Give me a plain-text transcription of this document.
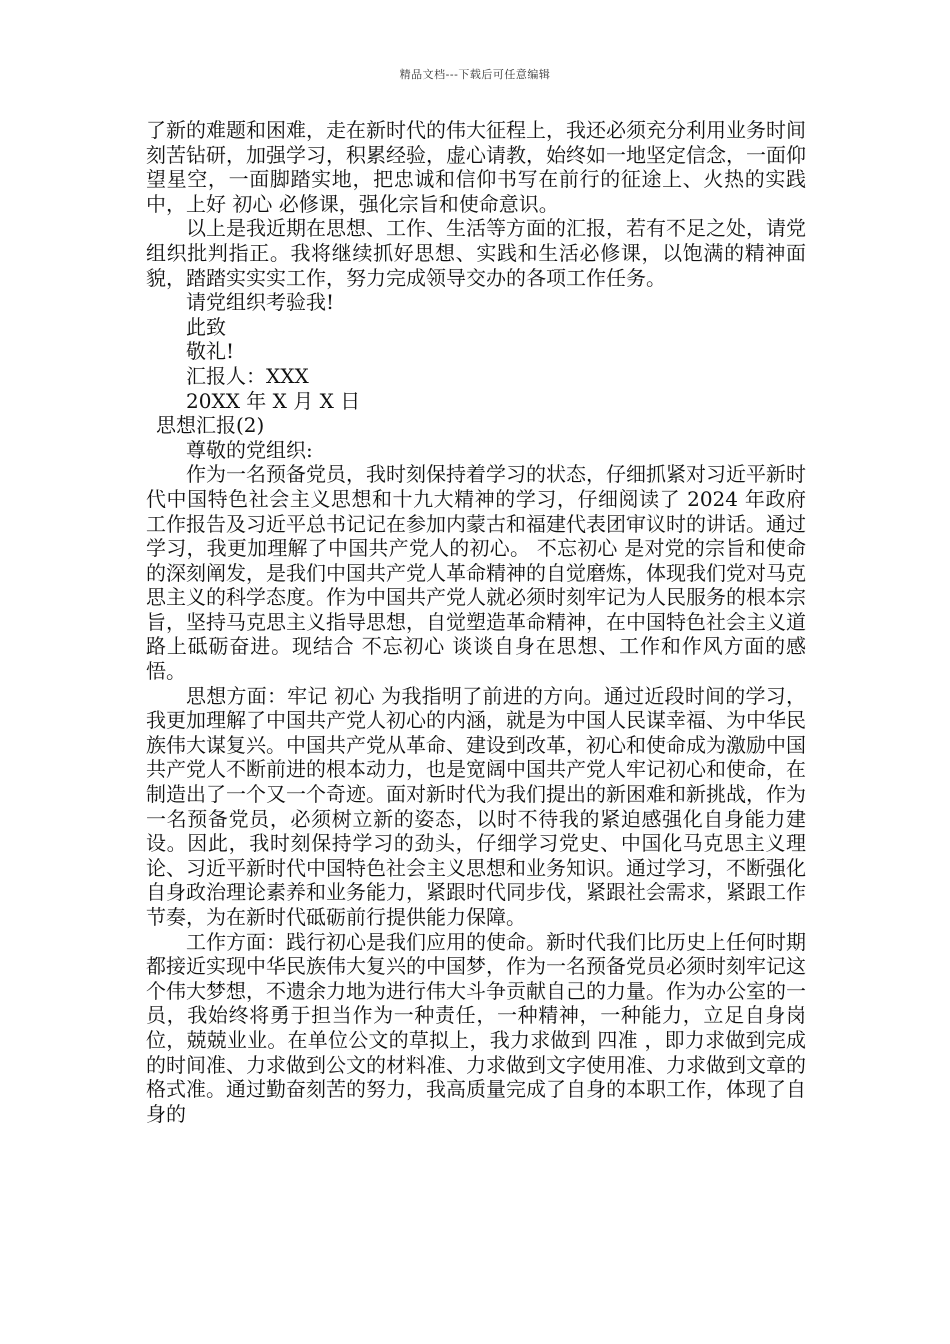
精品文档---下载后可任意编辑

了新的难题和困难，走在新时代的伟大征程上，我还必须充分利用业务时间刻苦钻研，加强学习，积累经验，虚心请教，始终如一地坚定信念，一面仰望星空，一面脚踏实地，把忠诚和信仰书写在前行的征途上、火热的实践中，上好 初心 必修课，强化宗旨和使命意识。

以上是我近期在思想、工作、生活等方面的汇报，若有不足之处，请党组织批判指正。我将继续抓好思想、实践和生活必修课，以饱满的精神面貌，踏踏实实实工作，努力完成领导交办的各项工作任务。

请党组织考验我!

此致

敬礼!

汇报人：XXX

20XX 年 X 月 X 日

思想汇报(2)

尊敬的党组织:

作为一名预备党员，我时刻保持着学习的状态，仔细抓紧对习近平新时代中国特色社会主义思想和十九大精神的学习，仔细阅读了 2024 年政府工作报告及习近平总书记记在参加内蒙古和福建代表团审议时的讲话。通过学习，我更加理解了中国共产党人的初心。 不忘初心 是对党的宗旨和使命的深刻阐发，是我们中国共产党人革命精神的自觉磨炼，体现我们党对马克思主义的科学态度。作为中国共产党人就必须时刻牢记为人民服务的根本宗旨，坚持马克思主义指导思想，自觉塑造革命精神，在中国特色社会主义道路上砥砺奋进。现结合 不忘初心 谈谈自身在思想、工作和作风方面的感悟。

思想方面：牢记 初心 为我指明了前进的方向。通过近段时间的学习，我更加理解了中国共产党人初心的内涵，就是为中国人民谋幸福、为中华民族伟大谋复兴。中国共产党从革命、建设到改革，初心和使命成为激励中国共产党人不断前进的根本动力，也是宽阔中国共产党人牢记初心和使命，在制造出了一个又一个奇迹。面对新时代为我们提出的新困难和新挑战，作为一名预备党员，必须树立新的姿态，以时不待我的紧迫感强化自身能力建设。因此，我时刻保持学习的劲头，仔细学习党史、中国化马克思主义理论、习近平新时代中国特色社会主义思想和业务知识。通过学习，不断强化自身政治理论素养和业务能力，紧跟时代同步伐，紧跟社会需求，紧跟工作节奏，为在新时代砥砺前行提供能力保障。

工作方面：践行初心是我们应用的使命。新时代我们比历史上任何时期都接近实现中华民族伟大复兴的中国梦，作为一名预备党员必须时刻牢记这个伟大梦想，不遗余力地为进行伟大斗争贡献自己的力量。作为办公室的一员，我始终将勇于担当作为一种责任，一种精神，一种能力，立足自身岗位，兢兢业业。在单位公文的草拟上，我力求做到 四准 ，即力求做到完成的时间准、力求做到公文的材料准、力求做到文字使用准、力求做到文章的格式准。通过勤奋刻苦的努力，我高质量完成了自身的本职工作，体现了自身的
